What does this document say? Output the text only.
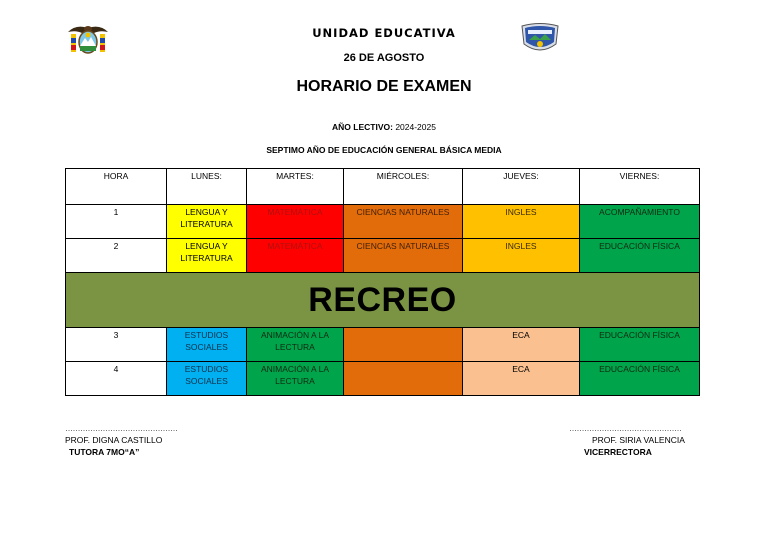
UNIDAD EDUCATIVA
26 DE AGOSTO
HORARIO DE EXAMEN
AÑO LECTIVO: 2024-2025
SEPTIMO AÑO DE EDUCACIÓN GENERAL BÁSICA MEDIA
HORA	LUNES:	MARTES:	MIÉRCOLES:	JUEVES:	VIERNES:
1	LENGUA Y LITERATURA	MATEMÁTICA	CIENCIAS NATURALES	INGLES	ACOMPAÑAMIENTO
2	LENGUA Y LITERATURA	MATEMÁTICA	CIENCIAS NATURALES	INGLES	EDUCACIÓN FÍSICA
RECREO					
3	ESTUDIOS SOCIALES	ANIMACIÓN A LA LECTURA		ECA	EDUCACIÓN FÍSICA
4	ESTUDIOS SOCIALES	ANIMACIÓN A LA LECTURA		ECA	EDUCACIÓN FÍSICA
………………………………………
PROF. DIGNA CASTILLO
TUTORA 7MO“A”
………………………………………
PROF. SIRIA VALENCIA
VICERRECTORA
